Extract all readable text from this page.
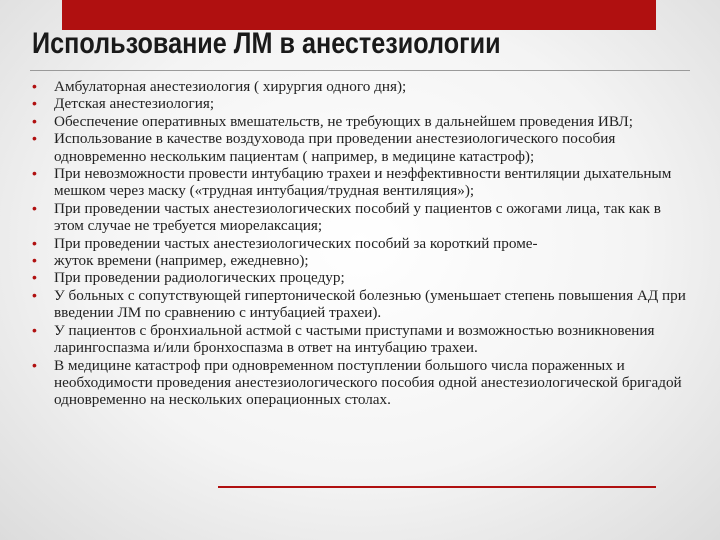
Использование ЛМ в анестезиологии
• Амбулаторная анестезиология ( хирургия одного дня);
• Детская анестезиология;
• Обеспечение оперативных вмешательств, не требующих в дальнейшем проведения ИВЛ;
• Использование в качестве воздуховода при проведении анестезиологического пособия одновременно нескольким пациентам ( например, в медицине катастроф);
• При невозможности провести интубацию трахеи и неэффективности вентиляции дыхательным мешком через маску («трудная интубация/трудная вентиляция»);
• При проведении частых анестезиологических пособий у пациентов с ожогами лица, так как в этом случае не требуется миорелаксация;
• При проведении частых анестезиологических пособий за короткий проме-
• жуток времени (например, ежедневно);
• При проведении радиологических процедур;
• У больных с сопутствующей гипертонической болезнью (уменьшает степень повышения АД при введении ЛМ по сравнению с интубацией трахеи).
• У пациентов с бронхиальной астмой с частыми приступами и возможностью возникновения ларингоспазма и/или бронхоспазма в ответ на интубацию трахеи.
• В медицине катастроф при одновременном поступлении большого числа пораженных и необходимости проведения анестезиологического пособия одной анестезиологической бригадой одновременно на нескольких операционных столах.
